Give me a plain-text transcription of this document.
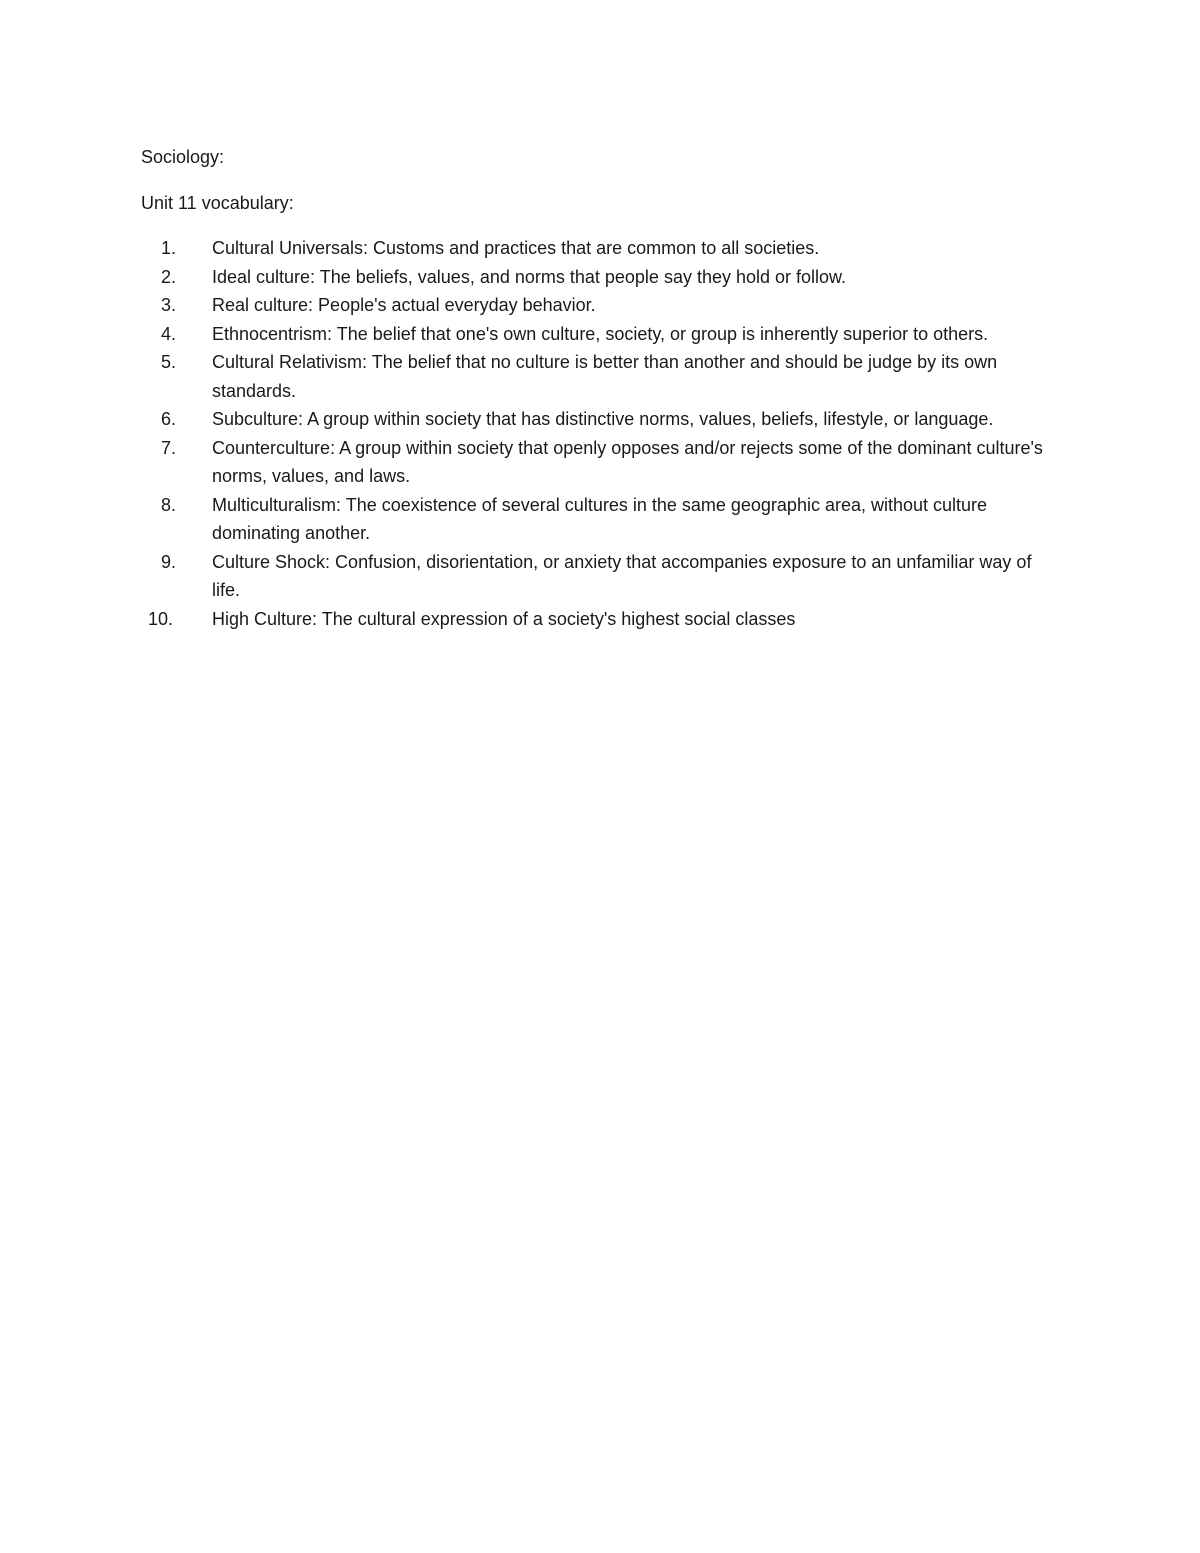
Sociology:

Unit 11 vocabulary:

1.	Cultural Universals: Customs and practices that are common to all societies.
2.	Ideal culture: The beliefs, values, and norms that people say they hold or follow.
3.	Real culture: People's actual everyday behavior.
4.	Ethnocentrism: The belief that one's own culture, society, or group is inherently superior to others.
5.	Cultural Relativism: The belief that no culture is better than another and should be judge by its own standards.
6.	Subculture: A group within society that has distinctive norms, values, beliefs, lifestyle, or language.
7.	Counterculture: A group within society that openly opposes and/or rejects some of the dominant culture's norms, values, and laws.
8.	Multiculturalism: The coexistence of several cultures in the same geographic area, without culture dominating another.
9.	Culture Shock: Confusion, disorientation, or anxiety that accompanies exposure to an unfamiliar way of life.
10.	High Culture: The cultural expression of a society's highest social classes
